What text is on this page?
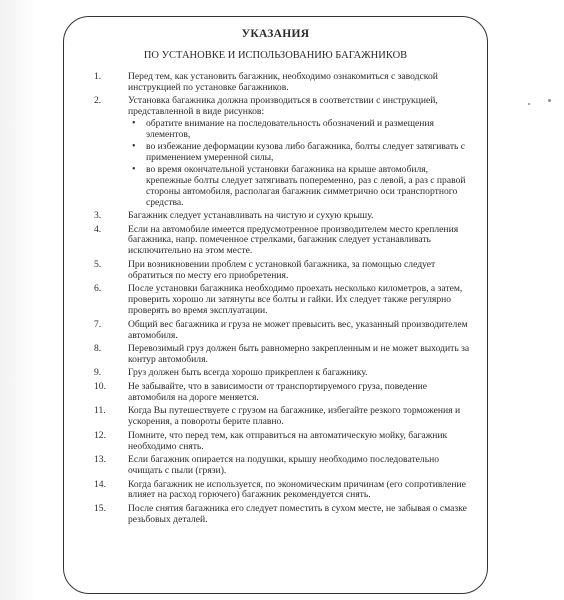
УКАЗАНИЯ
ПО УСТАНОВКЕ И ИСПОЛЬЗОВАНИЮ БАГАЖНИКОВ
1.	Перед тем, как установить багажник, необходимо ознакомиться с заводской инструкцией по установке багажников.
2.	Установка багажника должна производиться в соответствии с инструкцией, представленной в виде рисунков:
• обратите внимание на последовательность обозначений и размещения элементов,
• во избежание деформации кузова либо багажника, болты следует затягивать с применением умеренной силы,
• во время окончательной установки багажника на крыше автомобиля, крепежные болты следует затягивать попеременно, раз с левой, а раз с правой стороны автомобиля, располагая багажник симметрично оси транспортного средства.
3.	Багажник следует устанавливать на чистую и сухую крышу.
4.	Если на автомобиле имеется предусмотренное производителем место крепления багажника, напр. помеченное стрелками, багажник следует устанавливать исключительно на этом месте.
5.	При возникновении проблем с установкой багажника, за помощью следует обратиться по месту его приобретения.
6.	После установки багажника необходимо проехать несколько километров, а затем, проверить хорошо ли затянуты все болты и гайки. Их следует также регулярно проверять во время эксплуатации.
7.	Общий вес багажника и груза не может превысить вес, указанный производителем автомобиля.
8.	Перевозимый груз должен быть равномерно закрепленным и не может выходить за контур автомобиля.
9.	Груз должен быть всегда хорошо прикреплен к багажнику.
10. Не забывайте, что в зависимости от транспортируемого груза, поведение автомобиля на дороге меняется.
11. Когда Вы путешествуете с грузом на багажнике, избегайте резкого торможения и ускорения, а повороты берите плавно.
12. Помните, что перед тем, как отправиться на автоматическую мойку, багажник необходимо снять.
13. Если багажник опирается на подушки, крышу необходимо последовательно очищать с пыли (грязи).
14. Когда багажник не используется, по экономическим причинам (его сопротивление влияет на расход горючего) багажник рекомендуется снять.
15. После снятия багажника его следует поместить в сухом месте, не забывая о смазке резьбовых деталей.
